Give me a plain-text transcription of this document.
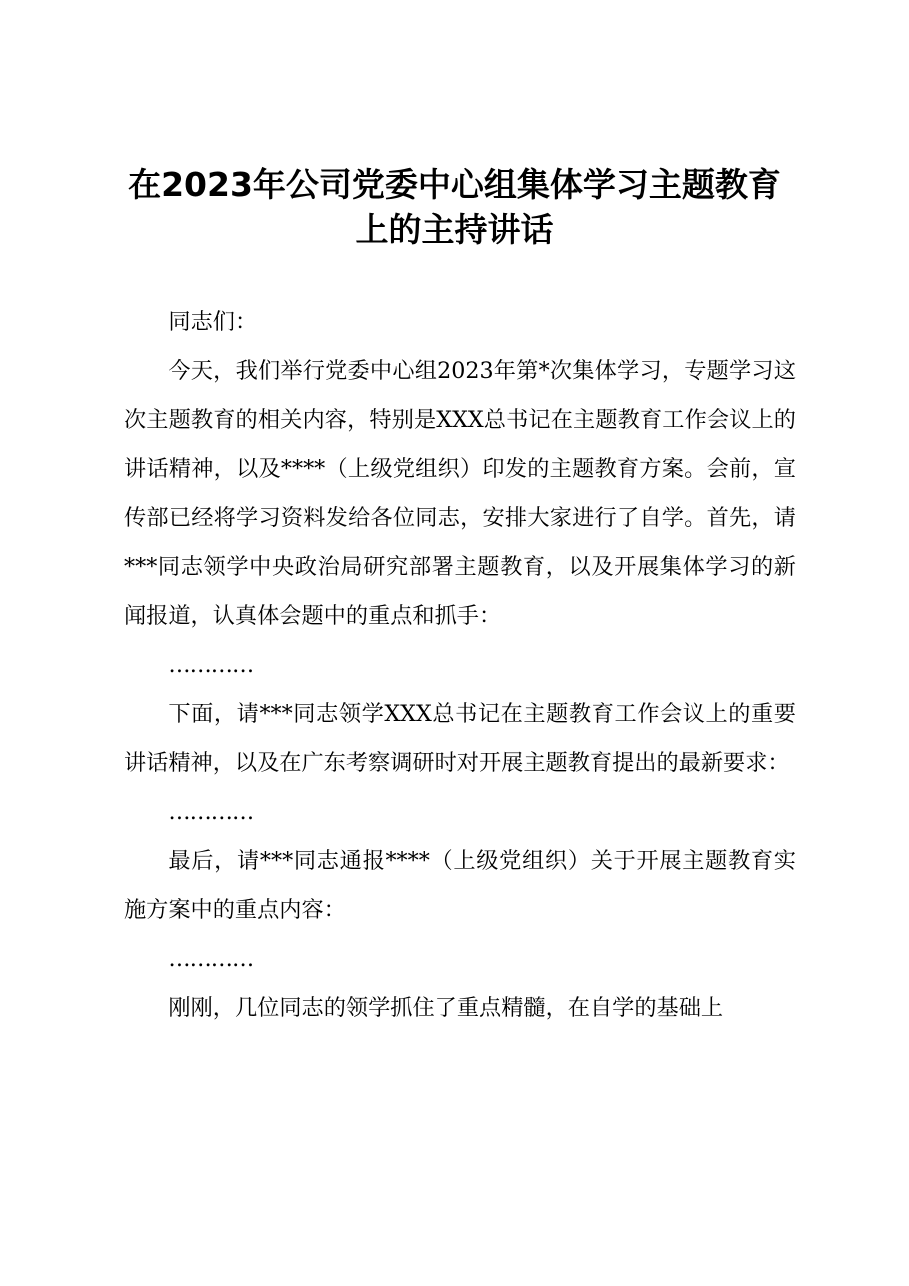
在2023年公司党委中心组集体学习主题教育
上的主持讲话

同志们：

今天，我们举行党委中心组2023年第*次集体学习，专题学习这次主题教育的相关内容，特别是XXX总书记在主题教育工作会议上的讲话精神，以及****（上级党组织）印发的主题教育方案。会前，宣传部已经将学习资料发给各位同志，安排大家进行了自学。首先，请***同志领学中央政治局研究部署主题教育，以及开展集体学习的新闻报道，认真体会题中的重点和抓手：

…………

下面，请***同志领学XXX总书记在主题教育工作会议上的重要讲话精神，以及在广东考察调研时对开展主题教育提出的最新要求：

…………

最后，请***同志通报****（上级党组织）关于开展主题教育实施方案中的重点内容：

…………

刚刚，几位同志的领学抓住了重点精髓，在自学的基础上
